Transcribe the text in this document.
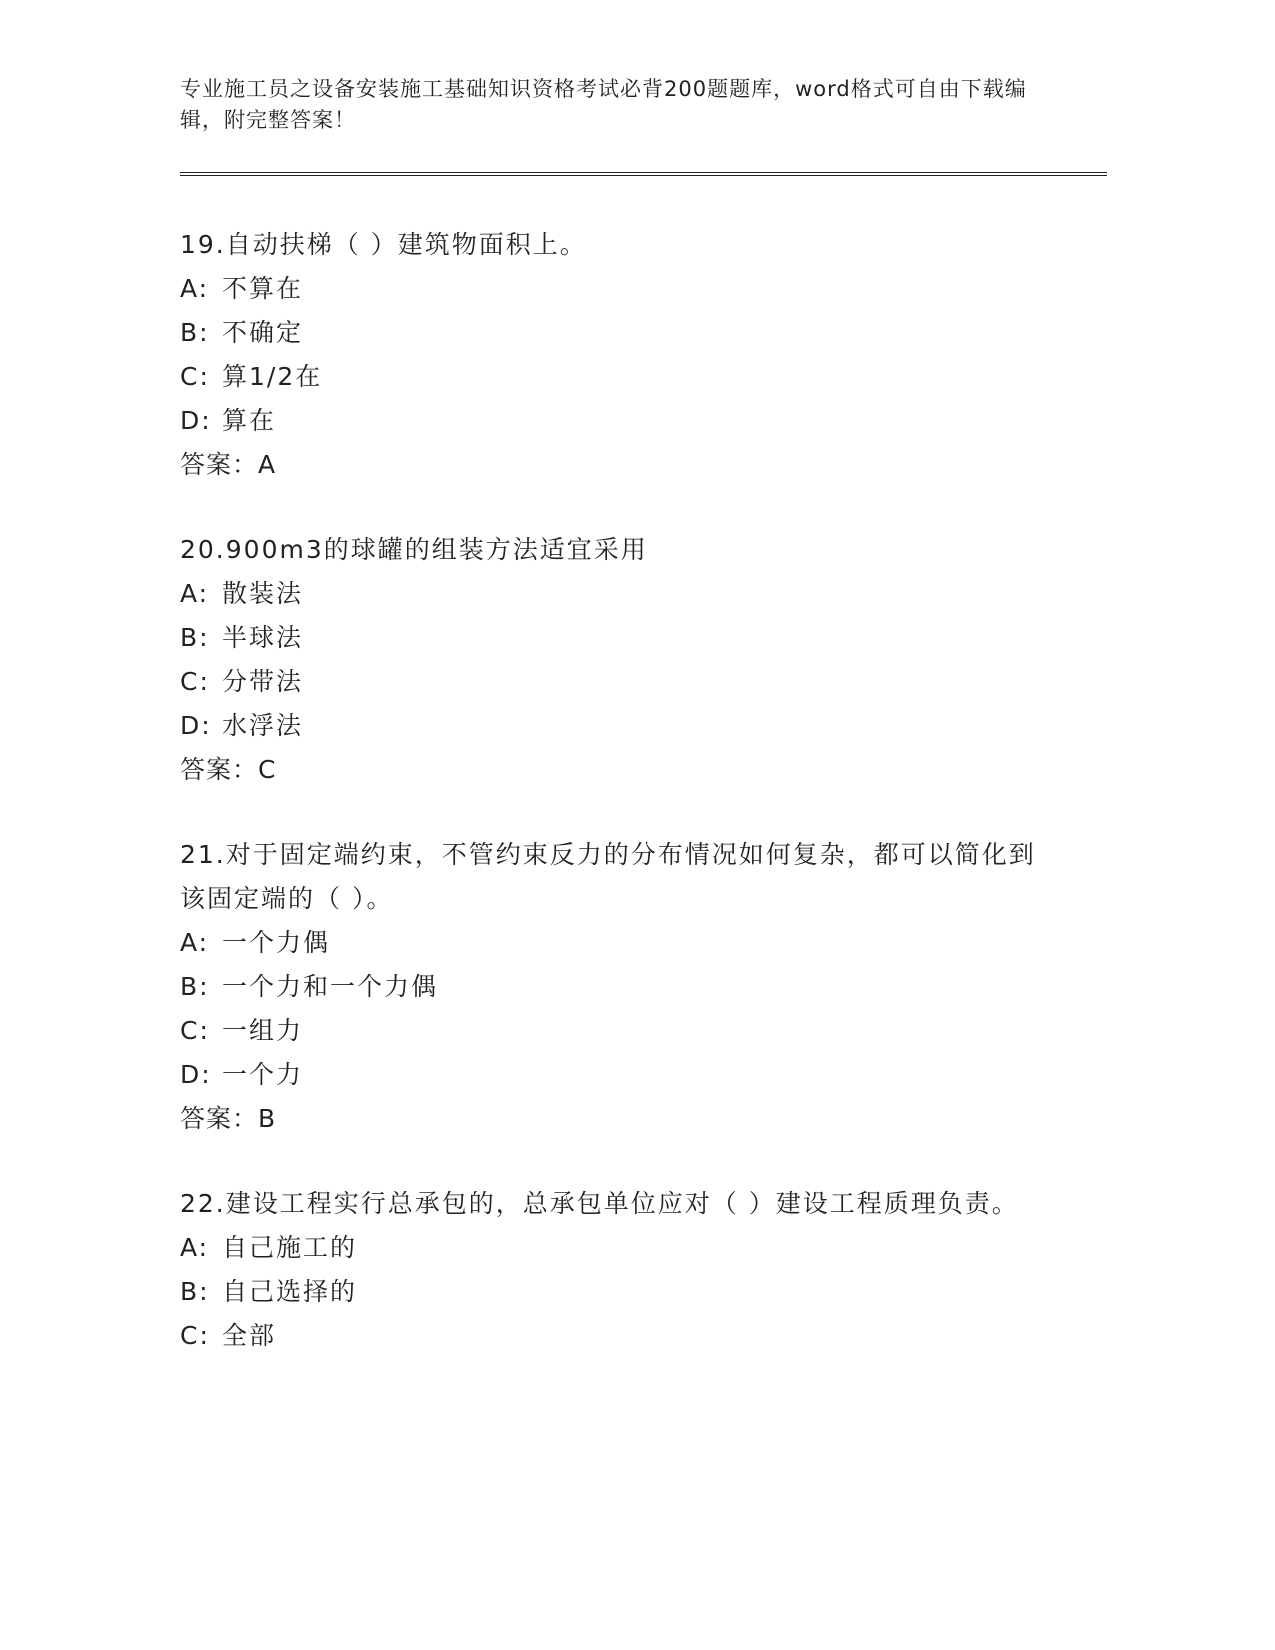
专业施工员之设备安装施工基础知识资格考试必背200题题库，word格式可自由下载编辑，附完整答案！

19.自动扶梯（ ）建筑物面积上。

A: 不算在

B: 不确定

C: 算1/2在

D: 算在

答案：A

20.900m3的球罐的组装方法适宜采用

A: 散装法

B: 半球法

C: 分带法

D: 水浮法

答案：C

21.对于固定端约束，不管约束反力的分布情况如何复杂，都可以简化到该固定端的（ ）。

A: 一个力偶

B: 一个力和一个力偶

C: 一组力

D: 一个力

答案：B

22.建设工程实行总承包的，总承包单位应对（ ）建设工程质理负责。

A: 自己施工的

B: 自己选择的

C: 全部
